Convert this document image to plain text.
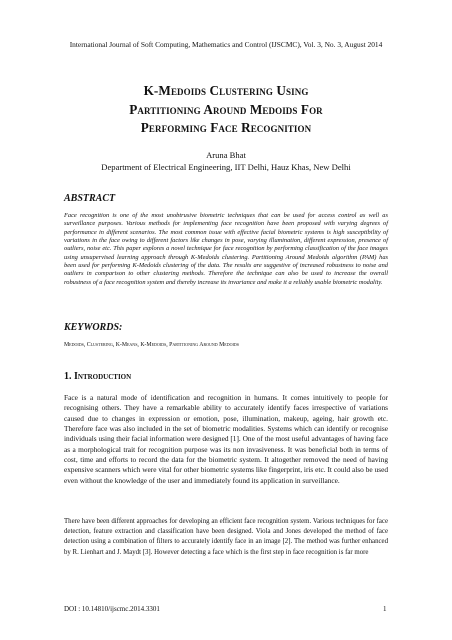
International Journal of Soft Computing, Mathematics and Control (IJSCMC), Vol. 3, No. 3, August 2014
K-Medoids Clustering Using
Partitioning Around Medoids For
Performing Face Recognition
Aruna Bhat
Department of Electrical Engineering, IIT Delhi, Hauz Khas, New Delhi
ABSTRACT
Face recognition is one of the most unobtrusive biometric techniques that can be used for access control as well as surveillance purposes. Various methods for implementing face recognition have been proposed with varying degrees of performance in different scenarios. The most common issue with effective facial biometric systems is high susceptibility of variations in the face owing to different factors like changes in pose, varying illumination, different expression, presence of outliers, noise etc. This paper explores a novel technique for face recognition by performing classification of the face images using unsupervised learning approach through K-Medoids clustering. Partitioning Around Medoids algorithm (PAM) has been used for performing K-Medoids clustering of the data. The results are suggestive of increased robustness to noise and outliers in comparison to other clustering methods. Therefore the technique can also be used to increase the overall robustness of a face recognition system and thereby increase its invariance and make it a reliably usable biometric modality.
KEYWORDS:
Medoids, Clustering, K-Means, K-Medoids, Partitioning Around Medoids
1. Introduction
Face is a natural mode of identification and recognition in humans. It comes intuitively to people for recognising others. They have a remarkable ability to accurately identify faces irrespective of variations caused due to changes in expression or emotion, pose, illumination, makeup, ageing, hair growth etc. Therefore face was also included in the set of biometric modalities. Systems which can identify or recognise individuals using their facial information were designed [1]. One of the most useful advantages of having face as a morphological trait for recognition purpose was its non invasiveness. It was beneficial both in terms of cost, time and efforts to record the data for the biometric system. It altogether removed the need of having expensive scanners which were vital for other biometric systems like fingerprint, iris etc. It could also be used even without the knowledge of the user and immediately found its application in surveillance.
There have been different approaches for developing an efficient face recognition system. Various techniques for face detection, feature extraction and classification have been designed. Viola and Jones developed the method of face detection using a combination of filters to accurately identify face in an image [2]. The method was further enhanced by R. Lienhart and J. Maydt [3]. However detecting a face which is the first step in face recognition is far more
DOI : 10.14810/ijscmc.2014.3301	1
